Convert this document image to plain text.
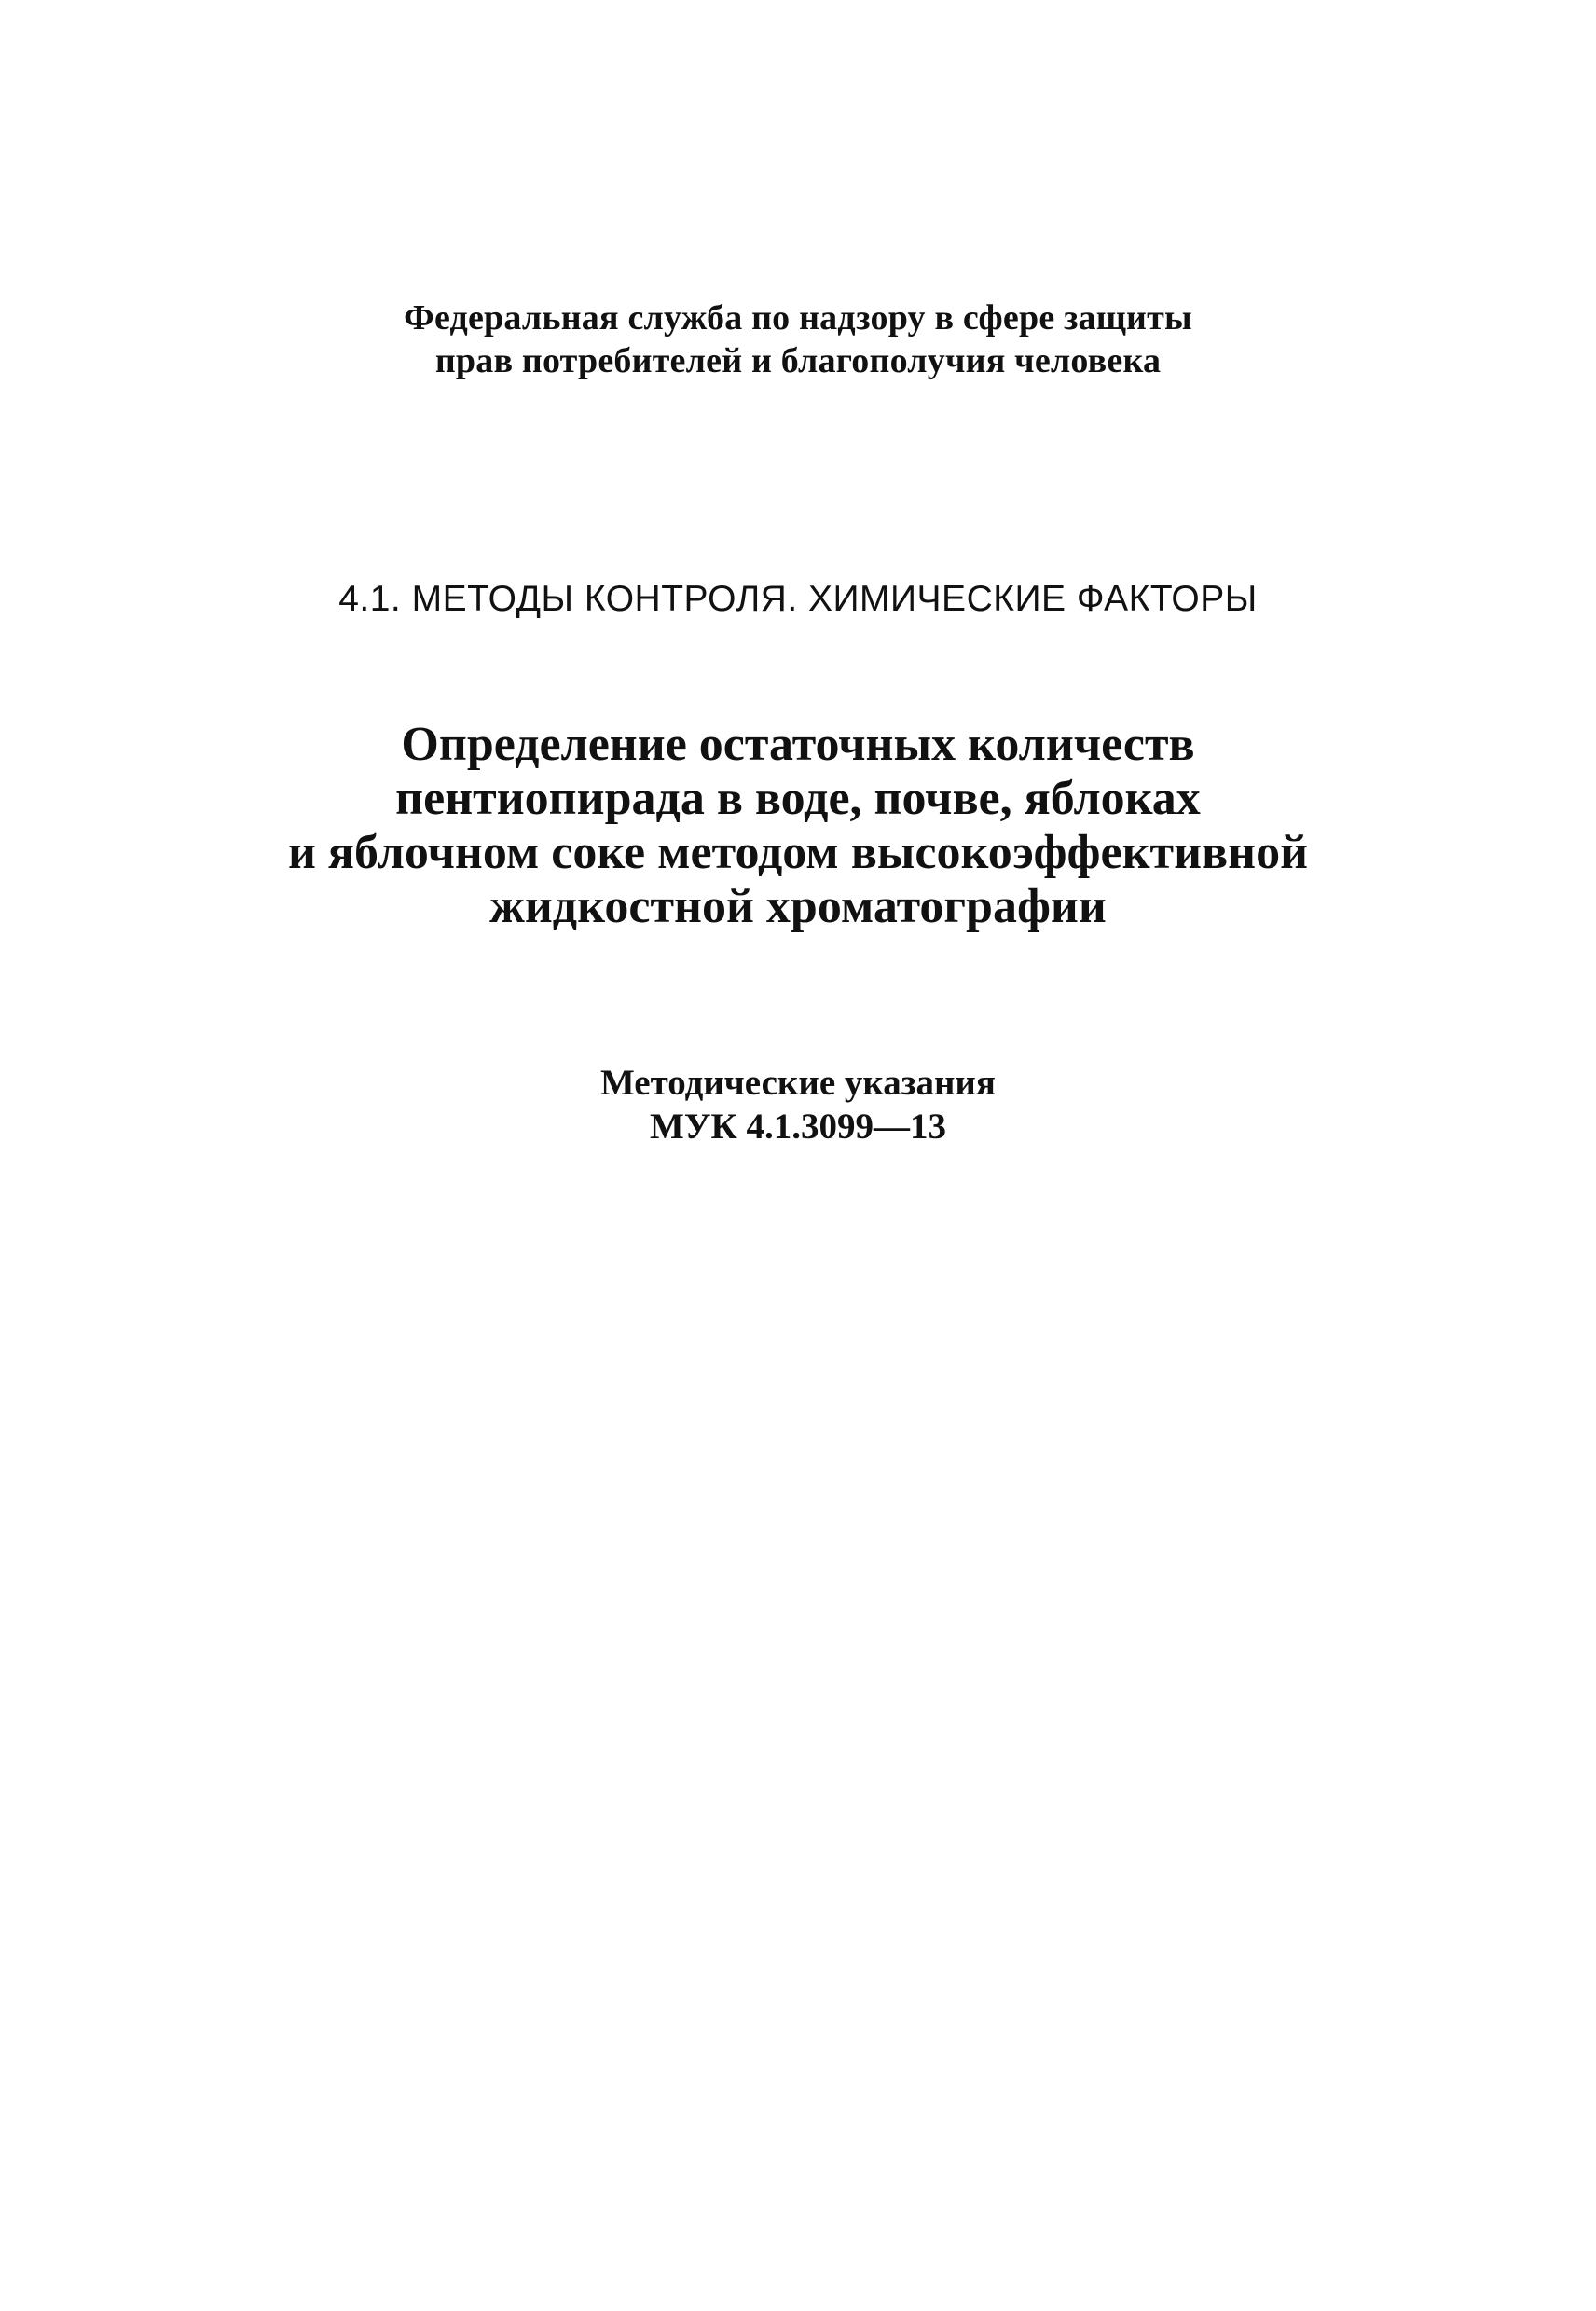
Федеральная служба по надзору в сфере защиты
прав потребителей и благополучия человека
4.1. МЕТОДЫ КОНТРОЛЯ. ХИМИЧЕСКИЕ ФАКТОРЫ
Определение остаточных количеств
пентиопирада в воде, почве, яблоках
и яблочном соке методом высокоэффективной
жидкостной хроматографии
Методические указания
МУК 4.1.3099—13
